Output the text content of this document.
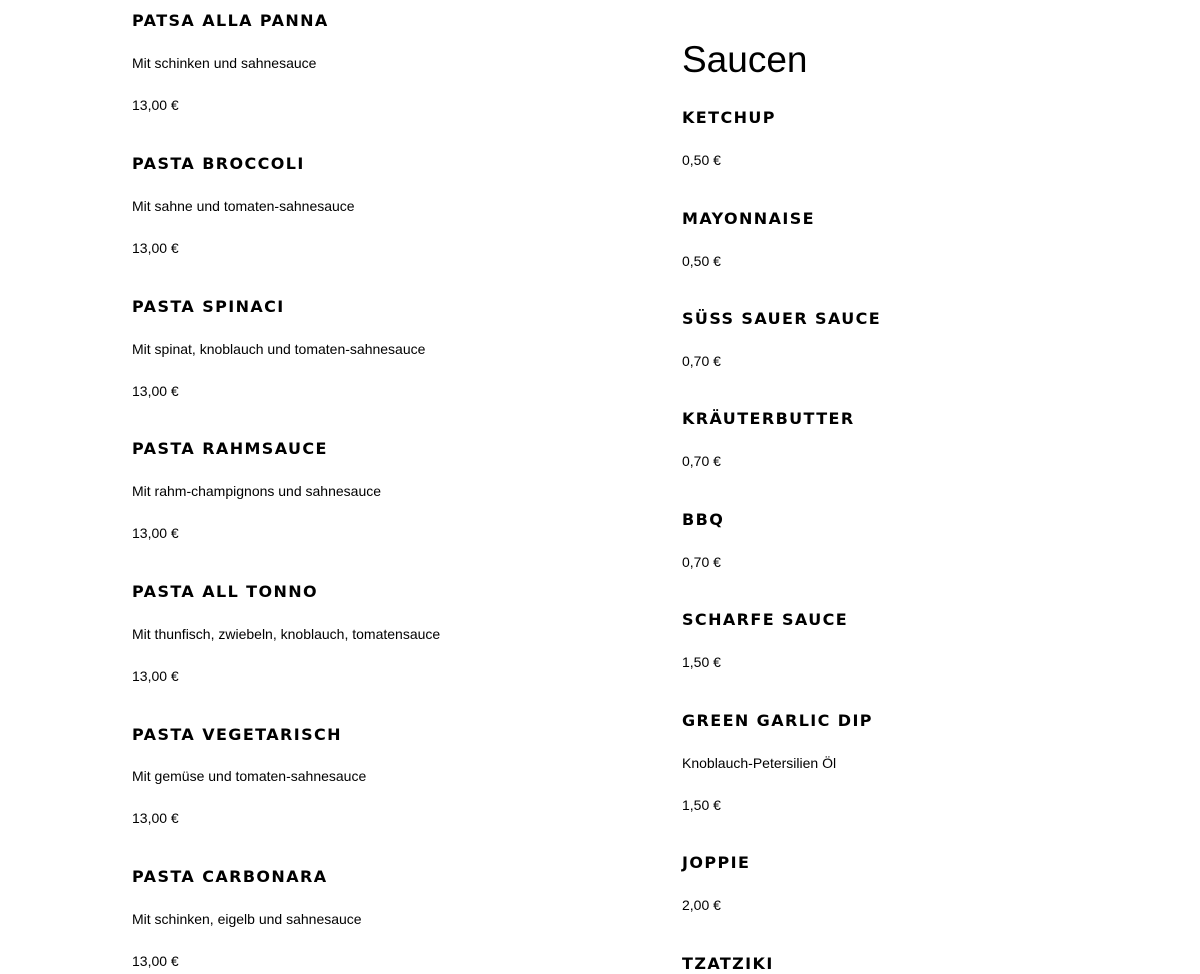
PATSA ALLA PANNA
Mit schinken und sahnesauce
13,00 €
PASTA BROCCOLI
Mit sahne und tomaten-sahnesauce
13,00 €
PASTA SPINACI
Mit spinat, knoblauch und tomaten-sahnesauce
13,00 €
PASTA RAHMSAUCE
Mit rahm-champignons und sahnesauce
13,00 €
PASTA ALL TONNO
Mit thunfisch, zwiebeln, knoblauch, tomatensauce
13,00 €
PASTA VEGETARISCH
Mit gemüse und tomaten-sahnesauce
13,00 €
PASTA CARBONARA
Mit schinken, eigelb und sahnesauce
13,00 €
Saucen
KETCHUP
0,50 €
MAYONNAISE
0,50 €
SÜSS SAUER SAUCE
0,70 €
KRÄUTERBUTTER
0,70 €
BBQ
0,70 €
SCHARFE SAUCE
1,50 €
GREEN GARLIC DIP
Knoblauch-Petersilien Öl
1,50 €
JOPPIE
2,00 €
TZATZIKI
